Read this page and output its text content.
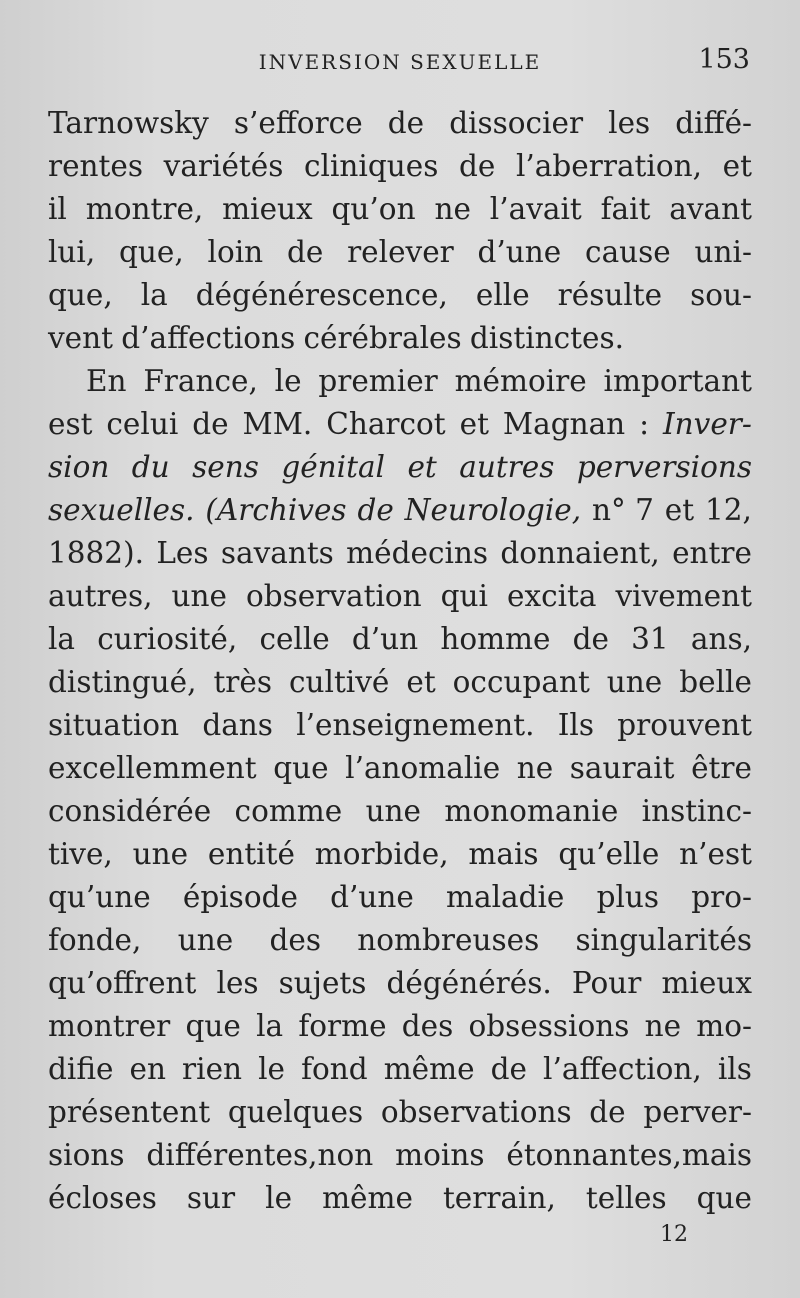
INVERSION SEXUELLE	153
Tarnowsky s’efforce de dissocier les diffé-
rentes variétés cliniques de l’aberration, et
il montre, mieux qu’on ne l’avait fait avant
lui, que, loin de relever d’une cause uni-
que, la dégénérescence, elle résulte sou-
vent d’affections cérébrales distinctes.
En France, le premier mémoire important
est celui de MM. Charcot et Magnan : Inver-
sion du sens génital et autres perversions
sexuelles. (Archives de Neurologie, n° 7 et 12,
1882). Les savants médecins donnaient, entre
autres, une observation qui excita vivement
la curiosité, celle d’un homme de 31 ans,
distingué, très cultivé et occupant une belle
situation dans l’enseignement. Ils prouvent
excellemment que l’anomalie ne saurait être
considérée comme une monomanie instinc-
tive, une entité morbide, mais qu’elle n’est
qu’une épisode d’une maladie plus pro-
fonde, une des nombreuses singularités
qu’offrent les sujets dégénérés. Pour mieux
montrer que la forme des obsessions ne mo-
difie en rien le fond même de l’affection, ils
présentent quelques observations de perver-
sions différentes,non moins étonnantes,mais
écloses sur le même terrain, telles que
12
